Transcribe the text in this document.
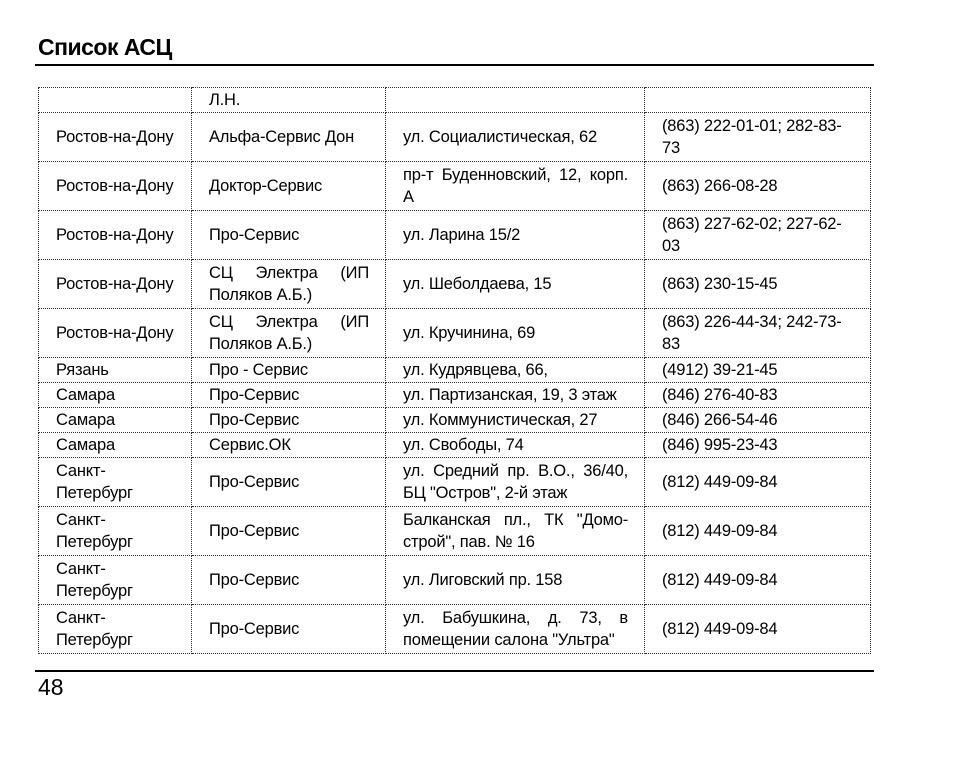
Список АСЦ
	Л.Н.		
Ростов-на-Дону	Альфа-Сервис Дон	ул. Социалистическая, 62	(863) 222-01-01; 282-83-73
Ростов-на-Дону	Доктор-Сервис	пр-т Буденновский, 12, корп. А	(863) 266-08-28
Ростов-на-Дону	Про-Сервис	ул. Ларина 15/2	(863) 227-62-02; 227-62-03
Ростов-на-Дону	СЦ Электра (ИП Поляков А.Б.)	ул. Шеболдаева, 15	(863) 230-15-45
Ростов-на-Дону	СЦ Электра (ИП Поляков А.Б.)	ул. Кручинина, 69	(863) 226-44-34; 242-73-83
Рязань	Про - Сервис	ул. Кудрявцева, 66,	(4912) 39-21-45
Самара	Про-Сервис	ул. Партизанская, 19, 3 этаж	(846) 276-40-83
Самара	Про-Сервис	ул. Коммунистическая, 27	(846) 266-54-46
Самара	Сервис.ОК	ул. Свободы, 74	(846) 995-23-43
Санкт-Петербург	Про-Сервис	ул. Средний пр. В.О., 36/40, БЦ "Остров", 2-й этаж	(812) 449-09-84
Санкт-Петербург	Про-Сервис	Балканская пл., ТК "Домо-строй", пав. № 16	(812) 449-09-84
Санкт-Петербург	Про-Сервис	ул. Лиговский пр. 158	(812) 449-09-84
Санкт-Петербург	Про-Сервис	ул. Бабушкина, д. 73, в помещении салона "Ультра"	(812) 449-09-84
48
